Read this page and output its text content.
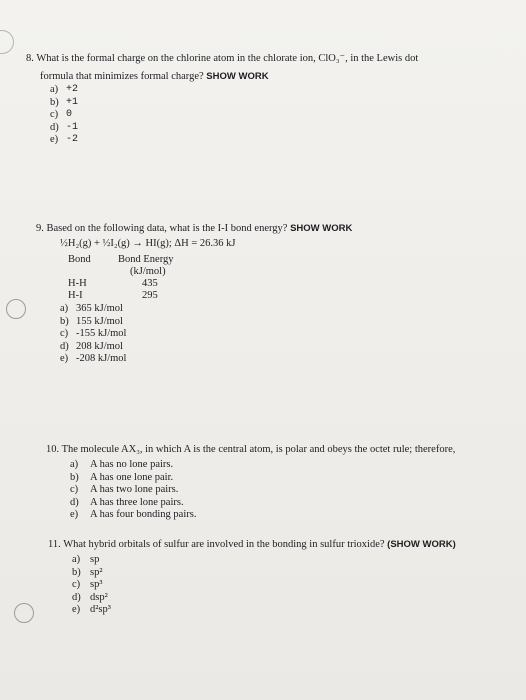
8. What is the formal charge on the chlorine atom in the chlorate ion, ClO₃⁻, in the Lewis dot
formula that minimizes formal charge? SHOW WORK
a) +2
b) +1
c) 0
d) -1
e) -2
9. Based on the following data, what is the I-I bond energy? SHOW WORK
½H₂(g) + ½I₂(g) → HI(g); ΔH = 26.36 kJ
Bond	Bond Energy
	(kJ/mol)
H-H	435
H-I	295
a) 365 kJ/mol
b) 155 kJ/mol
c) -155 kJ/mol
d) 208 kJ/mol
e) -208 kJ/mol
10. The molecule AX₃, in which A is the central atom, is polar and obeys the octet rule; therefore,
a)	A has no lone pairs.
b)	A has one lone pair.
c)	A has two lone pairs.
d)	A has three lone pairs.
e)	A has four bonding pairs.
11. What hybrid orbitals of sulfur are involved in the bonding in sulfur trioxide? (SHOW WORK)
a) sp
b) sp²
c) sp³
d) dsp²
e) d²sp³
